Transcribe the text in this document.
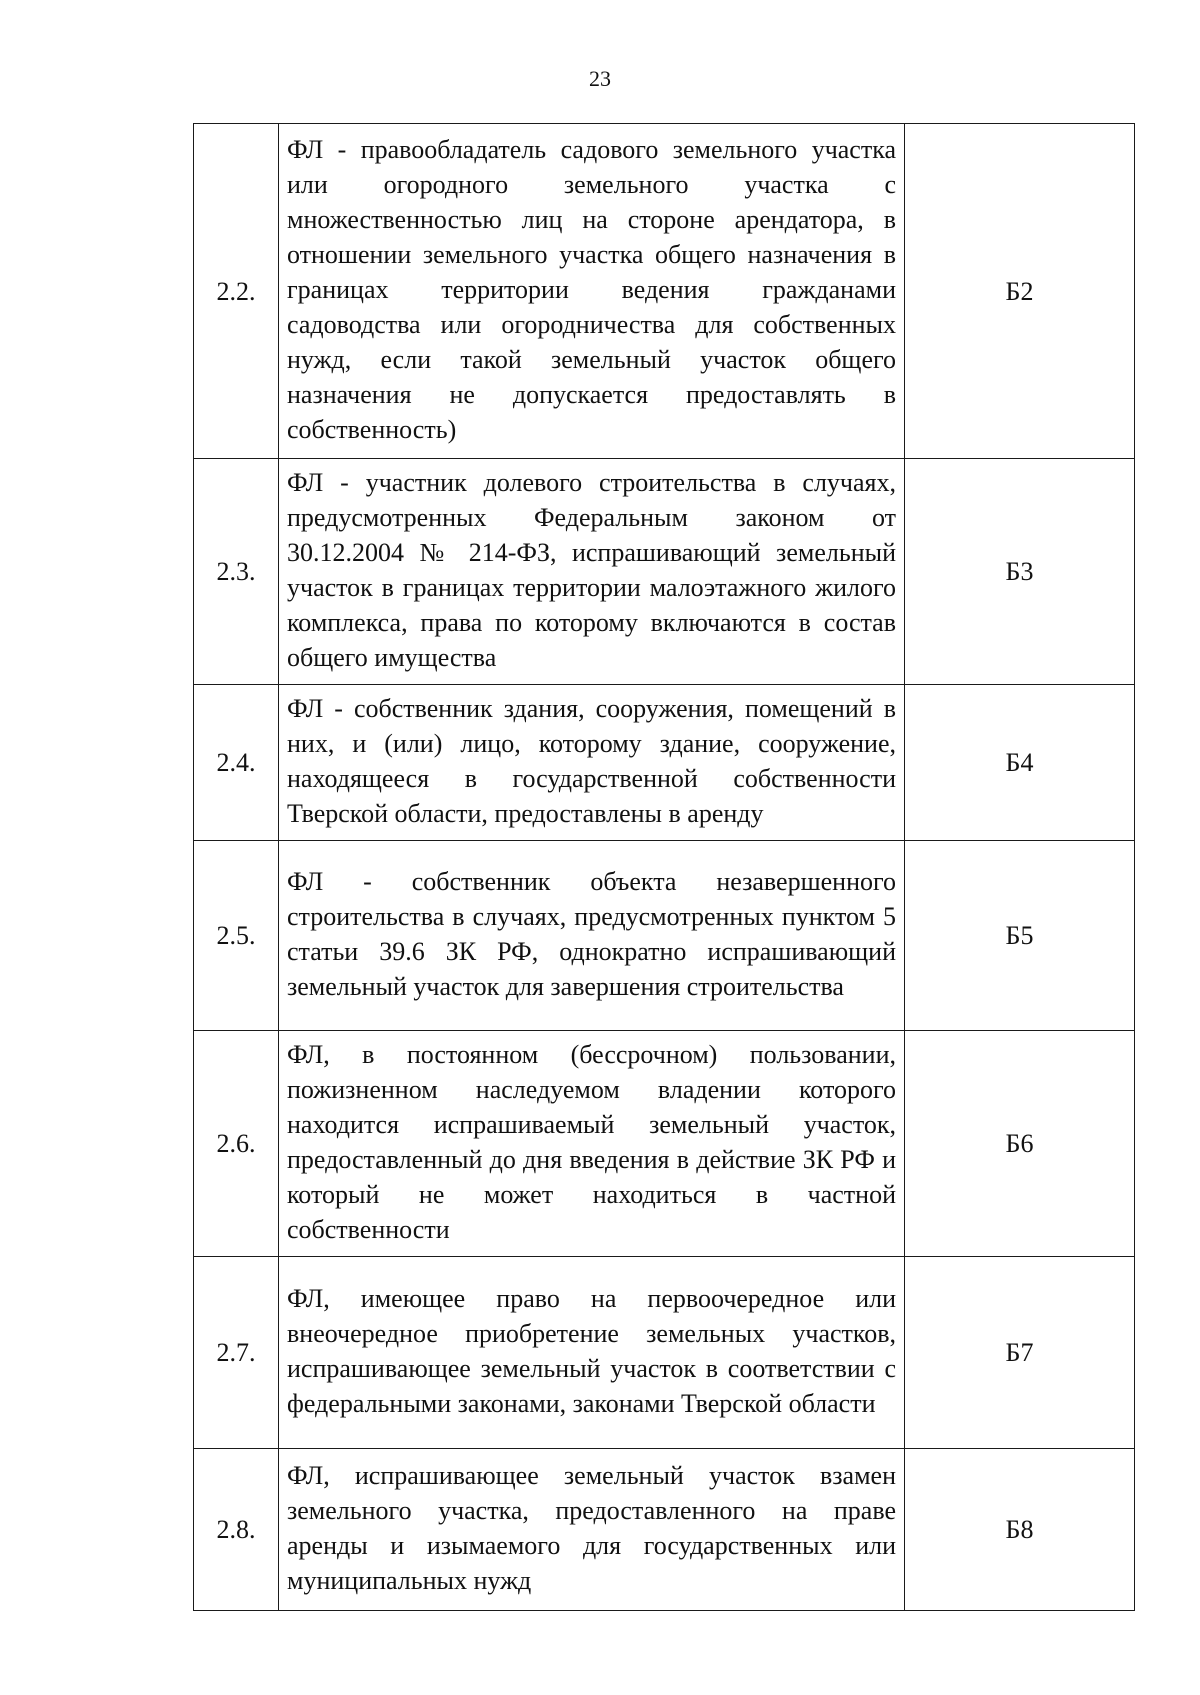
23
2.2.	ФЛ - правообладатель садового земельного участка или огородного земельного участка с множественностью лиц на стороне арендатора, в отношении земельного участка общего назначения в границах территории ведения гражданами садоводства или огородничества для собственных нужд, если такой земельный участок общего назначения не допускается предоставлять в собственность)	Б2
2.3.	ФЛ - участник долевого строительства в случаях, предусмотренных Федеральным законом от 30.12.2004 № 214-ФЗ, испрашивающий земельный участок в границах территории малоэтажного жилого комплекса, права по которому включаются в состав общего имущества	Б3
2.4.	ФЛ - собственник здания, сооружения, помещений в них, и (или) лицо, которому здание, сооружение, находящееся в государственной собственности Тверской области, предоставлены в аренду	Б4
2.5.	ФЛ - собственник объекта незавершенного строительства в случаях, предусмотренных пунктом 5 статьи 39.6 ЗК РФ, однократно испрашивающий земельный участок для завершения строительства	Б5
2.6.	ФЛ, в постоянном (бессрочном) пользовании, пожизненном наследуемом владении которого находится испрашиваемый земельный участок, предоставленный до дня введения в действие ЗК РФ и который не может находиться в частной собственности	Б6
2.7.	ФЛ, имеющее право на первоочередное или внеочередное приобретение земельных участков, испрашивающее земельный участок в соответствии с федеральными законами, законами Тверской области	Б7
2.8.	ФЛ, испрашивающее земельный участок взамен земельного участка, предоставленного на праве аренды и изымаемого для государственных или муниципальных нужд	Б8
